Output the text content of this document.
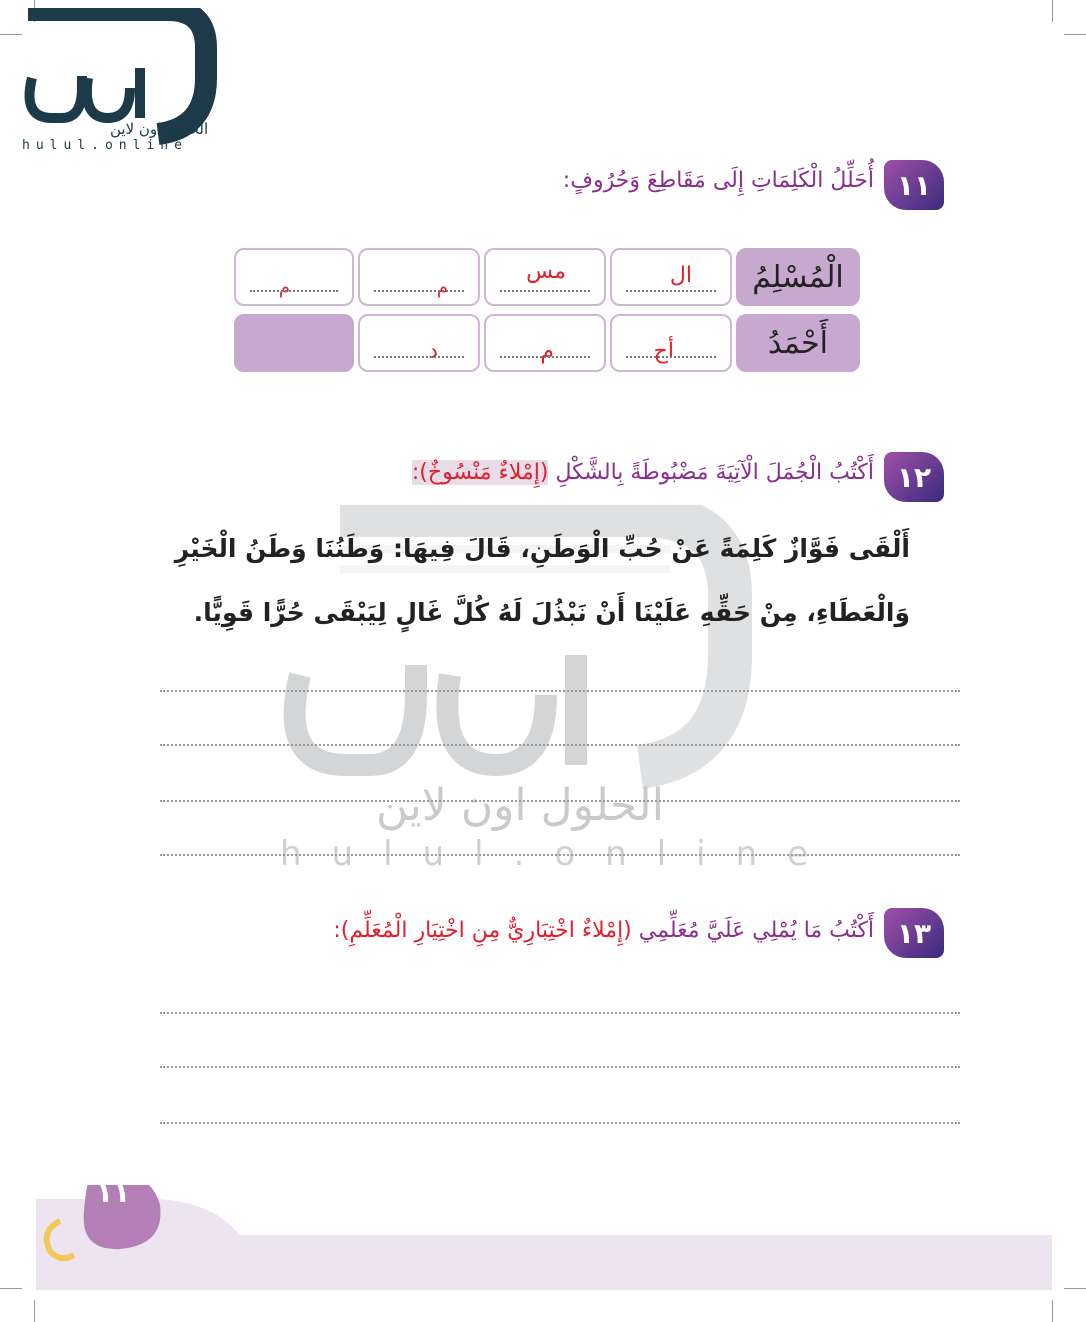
الحلول اون لاين
hulul.online
الحلول اون لاين
hulul.online
١١
أُحَلِّلُ الْكَلِمَاتِ إِلَى مَقَاطِعَ وَحُرُوفٍ:
الْمُسْلِمُ
ال
مس
م
م
أَحْمَدُ
أح
م
د
١٢
أَكْتُبُ الْجُمَلَ الْآتِيَةَ مَضْبُوطَةً بِالشَّكْلِ (إِمْلاءٌ مَنْسُوخٌ):
أَلْقَى فَوَّازٌ كَلِمَةً عَنْ حُبِّ الْوَطَنِ، قَالَ فِيهَا: وَطَنُنَا وَطَنُ الْخَيْرِ
وَالْعَطَاءِ، مِنْ حَقِّهِ عَلَيْنَا أَنْ نَبْذُلَ لَهُ كُلَّ غَالٍ لِيَبْقَى حُرًّا قَوِيًّا.
١٣
أَكْتُبُ مَا يُمْلِي عَلَيَّ مُعَلِّمِي (إِمْلاءٌ اخْتِبَارِيٌّ مِنِ اخْتِيَارِ الْمُعَلِّمِ):
١١
